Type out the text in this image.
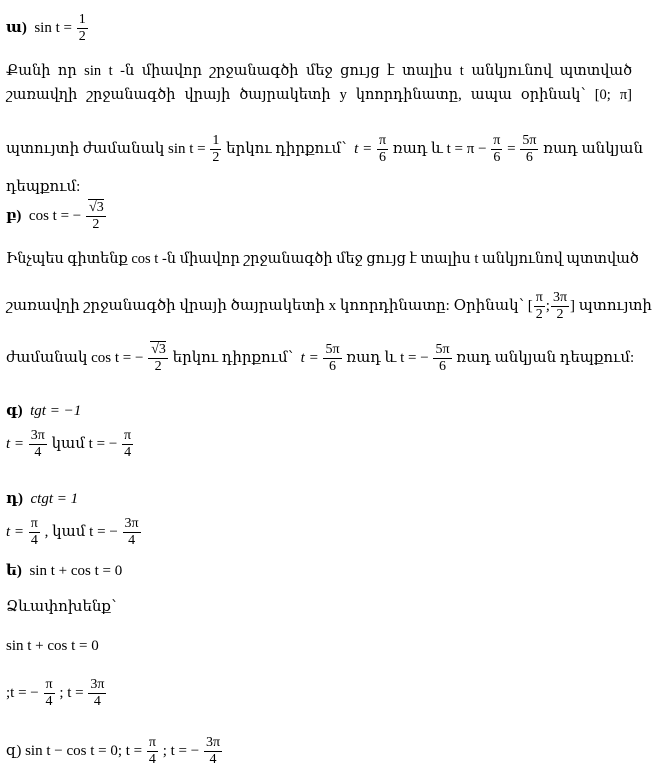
ա) $\sin t = \frac{1}{2}$
Քանի որ sin t -ն միավոր շրջանագծի մեջ ցույց է տալիս t անկյունով պտտված
շառավղի շրջանագծի վրայի ծայրակետի y կոորդինատը, ապա օրինակ՝ [0; π]
պտույտի ժամանակ $\sin t = \frac{1}{2}$ երկու դիրքում՝ $t = \frac{\pi}{6}$ ռադ և $t = \pi - \frac{\pi}{6} = \frac{5\pi}{6}$ ռադ անկյան
դեպքում:
բ) cos t = − $\frac{√3}{2}$
Ինչպես գիտենք cos t -ն միավոր շրջանագծի մեջ ցույց է տալիս t անկյունով պտտված
շառավղի շրջանագծի վրայի ծայրակետի x կոորդինատը: Օրինակ՝ [ $\frac{\pi}{2}$ ; $\frac{3\pi}{2}$ ] պտույտի
ժամանակ cos t = − $\frac{√3}{2}$ երկու դիրքում՝ $t = \frac{5\pi}{6}$ ռադ և t = − $\frac{5\pi}{6}$ ռադ անկյան դեպքում:
գ) tgt = −1
$t = \frac{3\pi}{4}$ կամ t = − $\frac{\pi}{4}$
դ) ctgt = 1
$t = \frac{\pi}{4}$ , կամ t = − $\frac{3\pi}{4}$
ե) sin t + cos t = 0
Ձևափոխենք՝
sin t + cos t = 0
;t = − $\frac{\pi}{4}$ ; $t = \frac{3\pi}{4}$
զ) sin t − cos t = 0; $t = \frac{\pi}{4}$ ; t = − $\frac{3\pi}{4}$
